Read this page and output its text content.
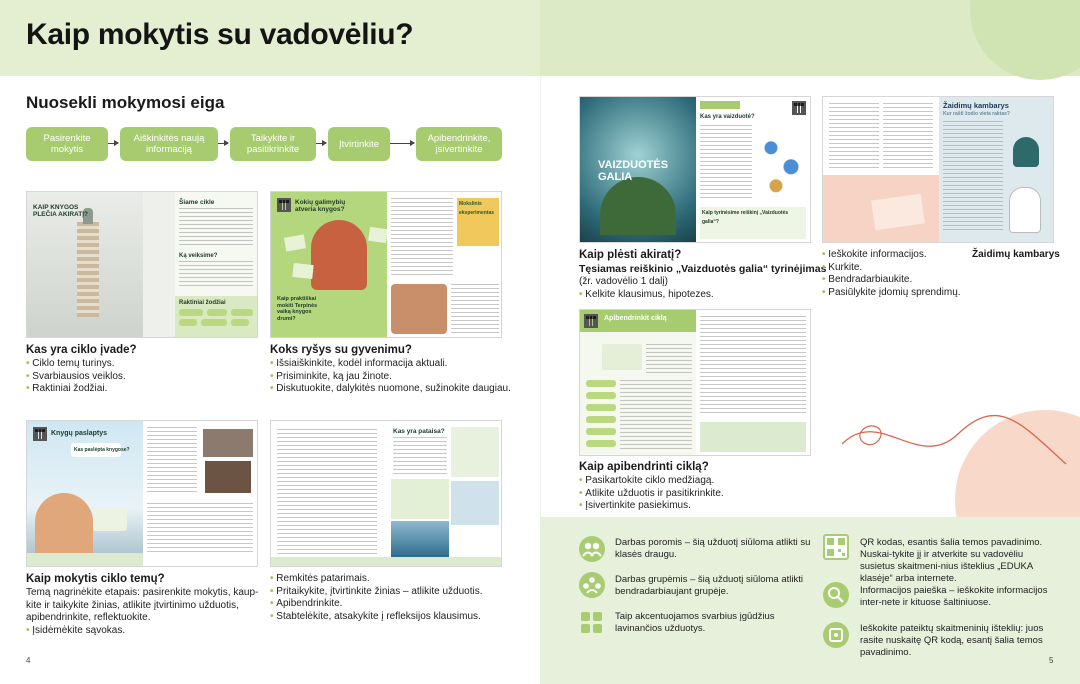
Kaip mokytis su vadovėliu?
Nuosekli mokymosi eiga
Pasirenkite mokytis
Aiškinkitės naują informaciją
Taikykite ir pasitikrinkite	Įtvirtinkite	Apibendrinkite, įsivertinkite
KAIP KNYGOS PLEČIA AKIRATĮ?
Šiame cikle
Ką veiksime?
Raktiniai žodžiai
Kokių galimybių atveria knygos?
Kaip praktiškai mokiti Terpinės vaiką knygos drumi?
Mokslinis eksperimentas
Kas yra ciklo įvade?
• Ciklo temų turinys.
• Svarbiausios veiklos.
• Raktiniai žodžiai.
Koks ryšys su gyvenimu?
• Išsiaiškinkite, kodėl informacija aktuali.
• Prisiminkite, ką jau žinote.
• Diskutuokite, dalykitės nuomone, sužinokite daugiau.
Knygų paslaptys
Kas paslėpta knygose?
Kas yra pataisa?
Kaip mokytis ciklo temų?
Temą nagrinėkite etapais: pasirenkite mokytis, kaup-kite ir taikykite žinias, atlikite įtvirtinimo užduotis, apibendrinkite, reflektuokite.
• Įsidėmėkite sąvokas.
• Remkitės patarimais.
• Pritaikykite, įtvirtinkite žinias – atlikite užduotis.
• Apibendrinkite.
• Stabtelėkite, atsakykite į refleksijos klausimus.
VAIZDUOTĖS GALIA
Kas yra vaizduotė?
Kaip tyrinėsime reiškinį „Vaizduotės galia“?
Žaidimų kambarys
Kur rašti žodio vieta raktas?
Kaip plėsti akiratį?
Tęsiamas reiškinio „Vaizduotės galia“ tyrinėjimas
(žr. vadovėlio 1 dalį)
• Kelkite klausimus, hipotezes.
• Ieškokite informacijos.
• Kurkite.
• Bendradarbiaukite.
• Pasiūlykite įdomių sprendimų.
Žaidimų kambarys
Apibendrinkit ciklą
Kaip apibendrinti ciklą?
• Pasikartokite ciklo medžiagą.
• Atlikite užduotis ir pasitikrinkite.
• Įsivertinkite pasiekimus.
Darbas poromis – šią užduotį siūloma atlikti su klasės draugu.
Darbas grupėmis – šią užduotį siūloma atlikti bendradarbiaujant grupėje.
Taip akcentuojamos svarbius įgūdžius lavinančios užduotys.
QR kodas, esantis šalia temos pavadinimo. Nuskai-tykite jį ir atverkite su vadovėliu susietus skaitmeni-nius išteklius „EDUKA klasėje“ arba internete.
Informacijos paieška – ieškokite informacijos inter-nete ir kituose šaltiniuose.
Ieškokite pateiktų skaitmeninių išteklių: juos rasite nuskaitę QR kodą, esantį šalia temos pavadinimo.
4	5
